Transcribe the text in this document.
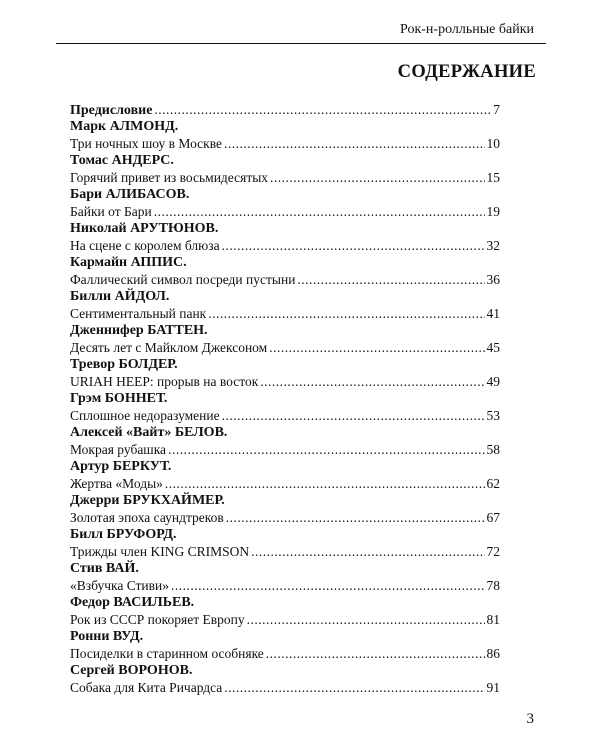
Рок-н-ролльные байки
СОДЕРЖАНИЕ
Предисловие .....	7
Марк АЛМОНД.
Три ночных шоу в Москве .....	10
Томас АНДЕРС.
Горячий привет из восьмидесятых .....	15
Бари АЛИБАСОВ.
Байки от Бари .....	19
Николай АРУТЮНОВ.
На сцене с королем блюза .....	32
Кармайн АППИС.
Фаллический символ посреди пустыни .....	36
Билли АЙДОЛ.
Сентиментальный панк .....	41
Дженнифер БАТТЕН.
Десять лет с Майклом Джексоном .....	45
Тревор БОЛДЕР.
URIAH HEEP: прорыв на восток .....	49
Грэм БОННЕТ.
Сплошное недоразумение .....	53
Алексей «Вайт» БЕЛОВ.
Мокрая рубашка .....	58
Артур БЕРКУТ.
Жертва «Моды» .....	62
Джерри БРУКХАЙМЕР.
Золотая эпоха саундтреков .....	67
Билл БРУФОРД.
Трижды член KING CRIMSON .....	72
Стив ВАЙ.
«Взбучка Стиви» .....	78
Федор ВАСИЛЬЕВ.
Рок из СССР покоряет Европу .....	81
Ронни ВУД.
Посиделки в старинном особняке .....	86
Сергей ВОРОНОВ.
Собака для Кита Ричардса .....	91
3
